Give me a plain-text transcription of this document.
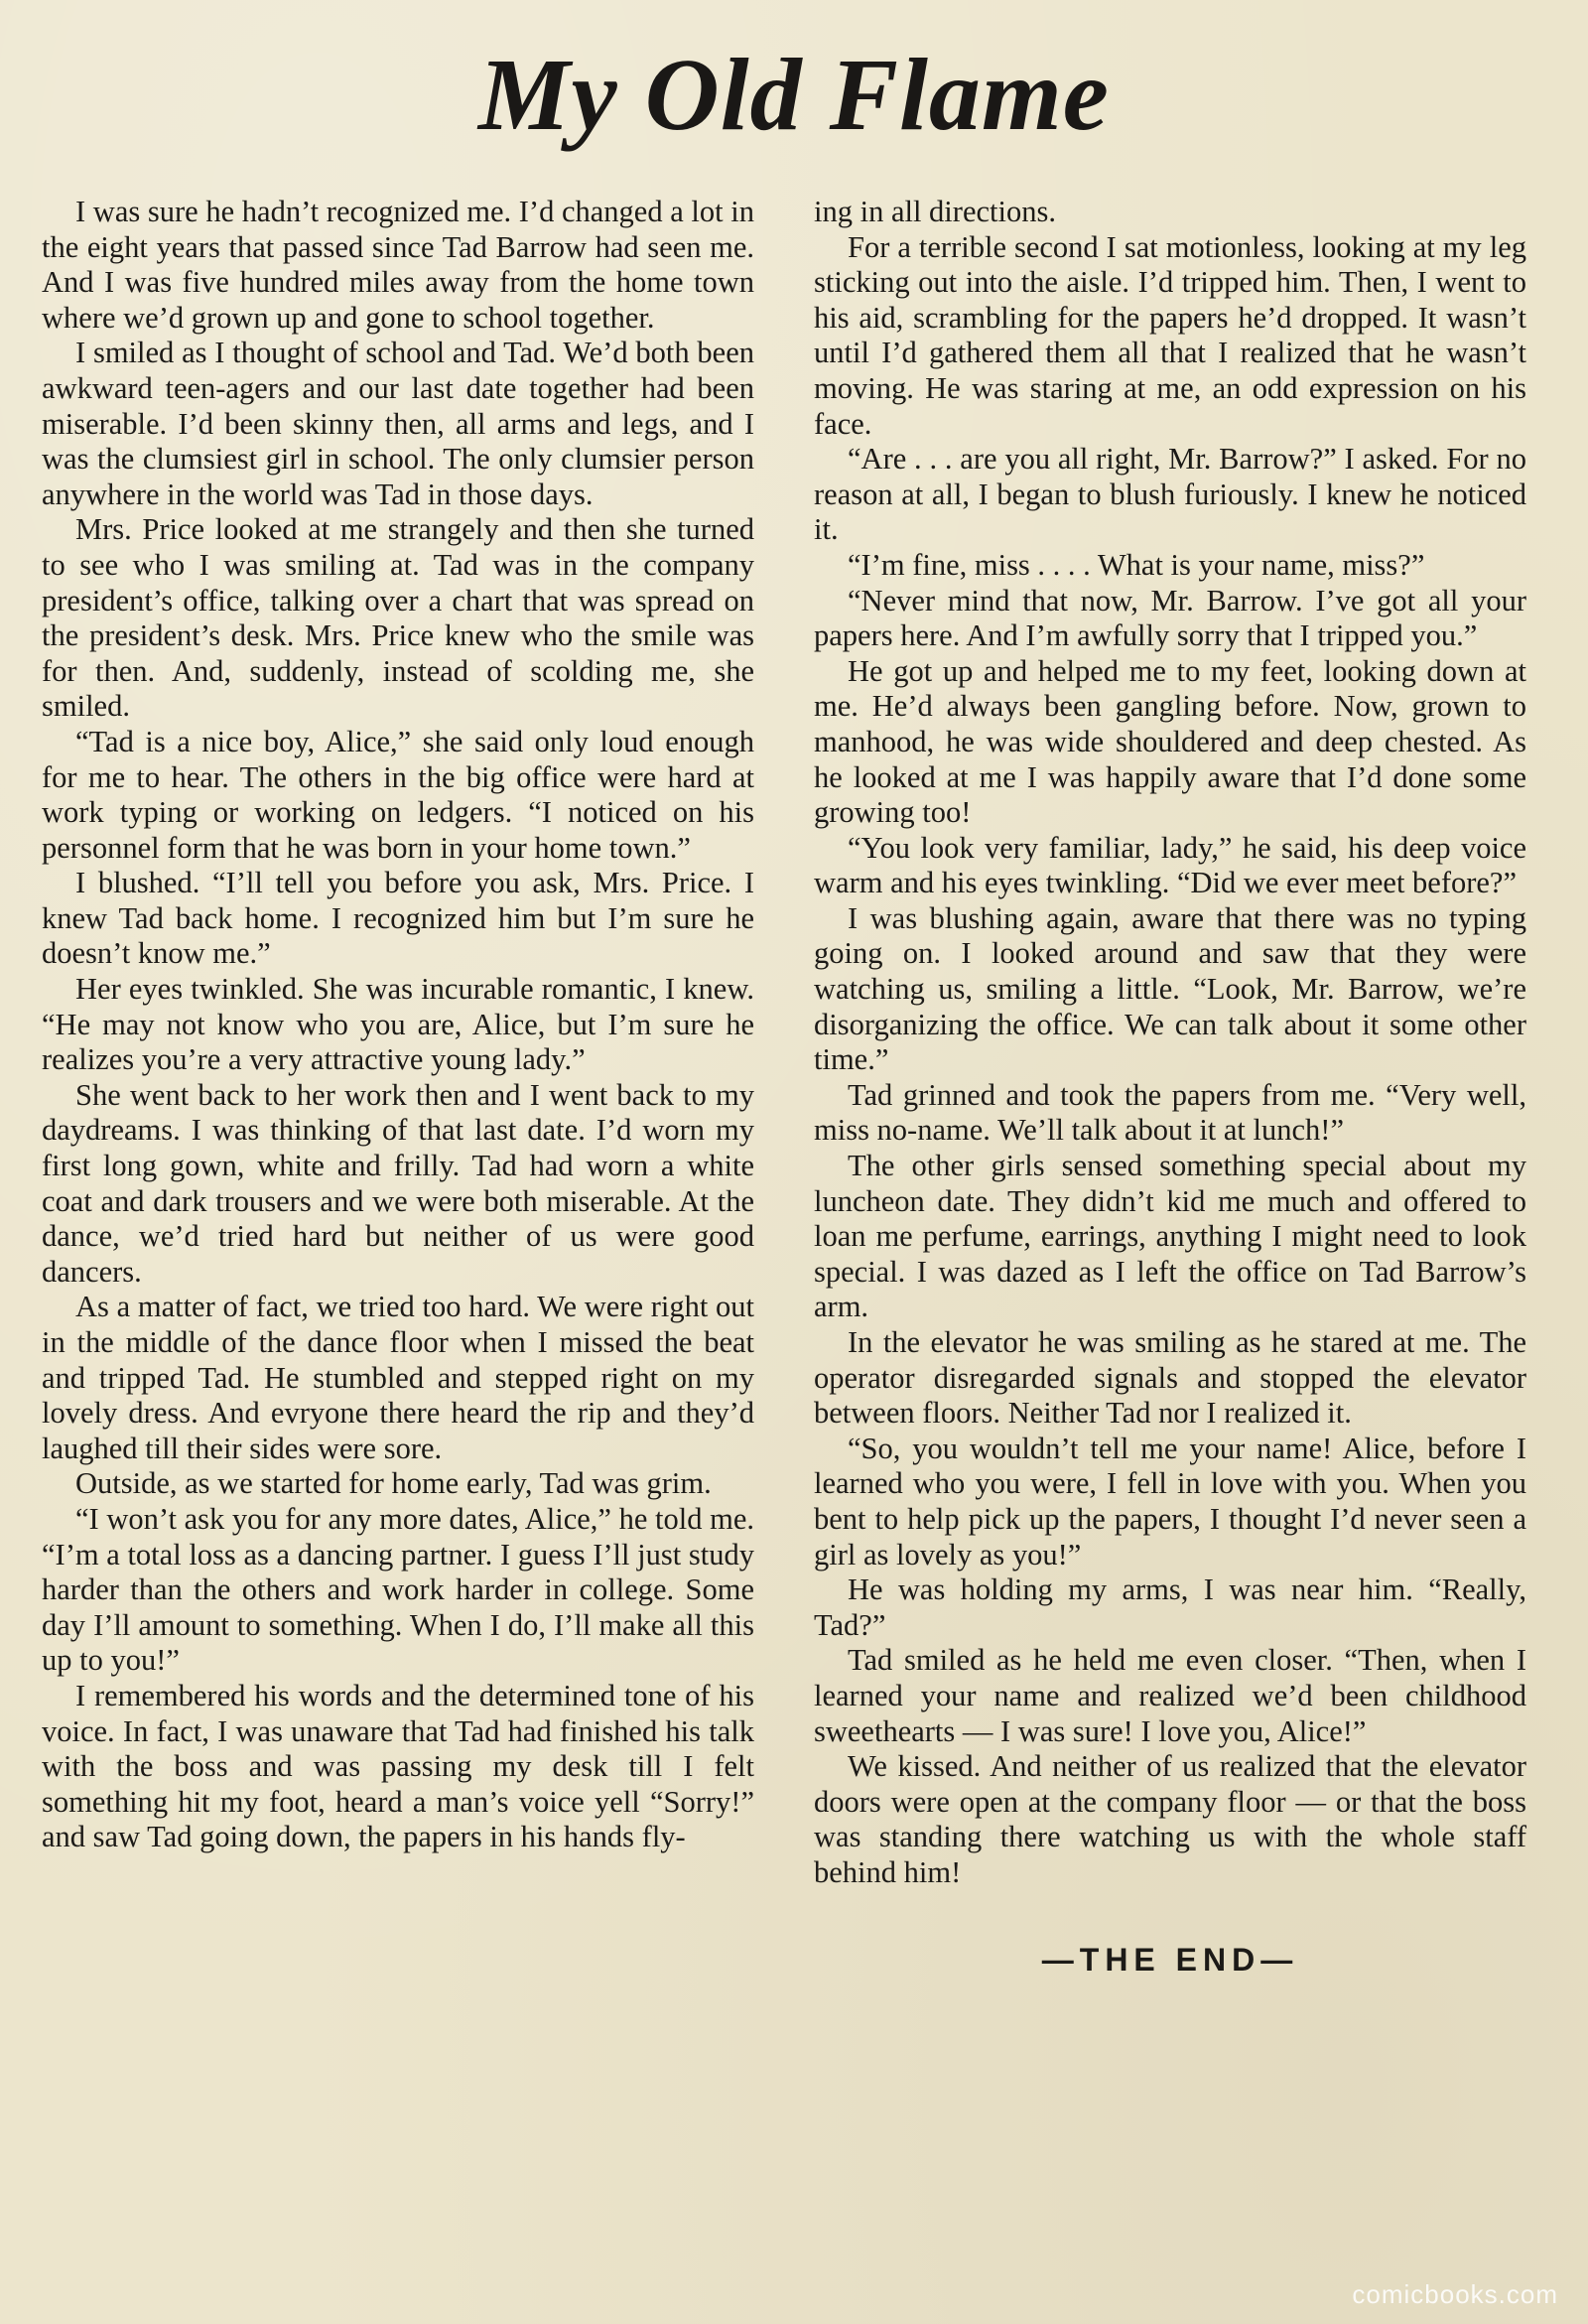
My Old Flame

I was sure he hadn’t recognized me. I’d changed a lot in the eight years that passed since Tad Barrow had seen me. And I was five hundred miles away from the home town where we’d grown up and gone to school together.

I smiled as I thought of school and Tad. We’d both been awkward teen-agers and our last date together had been miserable. I’d been skinny then, all arms and legs, and I was the clumsiest girl in school. The only clumsier person anywhere in the world was Tad in those days.

Mrs. Price looked at me strangely and then she turned to see who I was smiling at. Tad was in the company president’s office, talking over a chart that was spread on the president’s desk. Mrs. Price knew who the smile was for then. And, suddenly, instead of scolding me, she smiled.

“Tad is a nice boy, Alice,” she said only loud enough for me to hear. The others in the big office were hard at work typing or working on ledgers. “I noticed on his personnel form that he was born in your home town.”

I blushed. “I’ll tell you before you ask, Mrs. Price. I knew Tad back home. I recognized him but I’m sure he doesn’t know me.”

Her eyes twinkled. She was incurable romantic, I knew. “He may not know who you are, Alice, but I’m sure he realizes you’re a very attractive young lady.”

She went back to her work then and I went back to my daydreams. I was thinking of that last date. I’d worn my first long gown, white and frilly. Tad had worn a white coat and dark trousers and we were both miserable. At the dance, we’d tried hard but neither of us were good dancers.

As a matter of fact, we tried too hard. We were right out in the middle of the dance floor when I missed the beat and tripped Tad. He stumbled and stepped right on my lovely dress. And evryone there heard the rip and they’d laughed till their sides were sore.

Outside, as we started for home early, Tad was grim.

“I won’t ask you for any more dates, Alice,” he told me. “I’m a total loss as a dancing partner. I guess I’ll just study harder than the others and work harder in college. Some day I’ll amount to something. When I do, I’ll make all this up to you!”

I remembered his words and the determined tone of his voice. In fact, I was unaware that Tad had finished his talk with the boss and was passing my desk till I felt something hit my foot, heard a man’s voice yell “Sorry!” and saw Tad going down, the papers in his hands fly-

ing in all directions.

For a terrible second I sat motionless, looking at my leg sticking out into the aisle. I’d tripped him. Then, I went to his aid, scrambling for the papers he’d dropped. It wasn’t until I’d gathered them all that I realized that he wasn’t moving. He was staring at me, an odd expression on his face.

“Are . . . are you all right, Mr. Barrow?” I asked. For no reason at all, I began to blush furiously. I knew he noticed it.

“I’m fine, miss . . . . What is your name, miss?”

“Never mind that now, Mr. Barrow. I’ve got all your papers here. And I’m awfully sorry that I tripped you.”

He got up and helped me to my feet, looking down at me. He’d always been gangling before. Now, grown to manhood, he was wide shouldered and deep chested. As he looked at me I was happily aware that I’d done some growing too!

“You look very familiar, lady,” he said, his deep voice warm and his eyes twinkling. “Did we ever meet before?”

I was blushing again, aware that there was no typing going on. I looked around and saw that they were watching us, smiling a little. “Look, Mr. Barrow, we’re disorganizing the office. We can talk about it some other time.”

Tad grinned and took the papers from me. “Very well, miss no-name. We’ll talk about it at lunch!”

The other girls sensed something special about my luncheon date. They didn’t kid me much and offered to loan me perfume, earrings, anything I might need to look special. I was dazed as I left the office on Tad Barrow’s arm.

In the elevator he was smiling as he stared at me. The operator disregarded signals and stopped the elevator between floors. Neither Tad nor I realized it.

“So, you wouldn’t tell me your name! Alice, before I learned who you were, I fell in love with you. When you bent to help pick up the papers, I thought I’d never seen a girl as lovely as you!”

He was holding my arms, I was near him. “Really, Tad?”

Tad smiled as he held me even closer. “Then, when I learned your name and realized we’d been childhood sweethearts — I was sure! I love you, Alice!”

We kissed. And neither of us realized that the elevator doors were open at the company floor — or that the boss was standing there watching us with the whole staff behind him!

—THE END—
comicbooks.com
